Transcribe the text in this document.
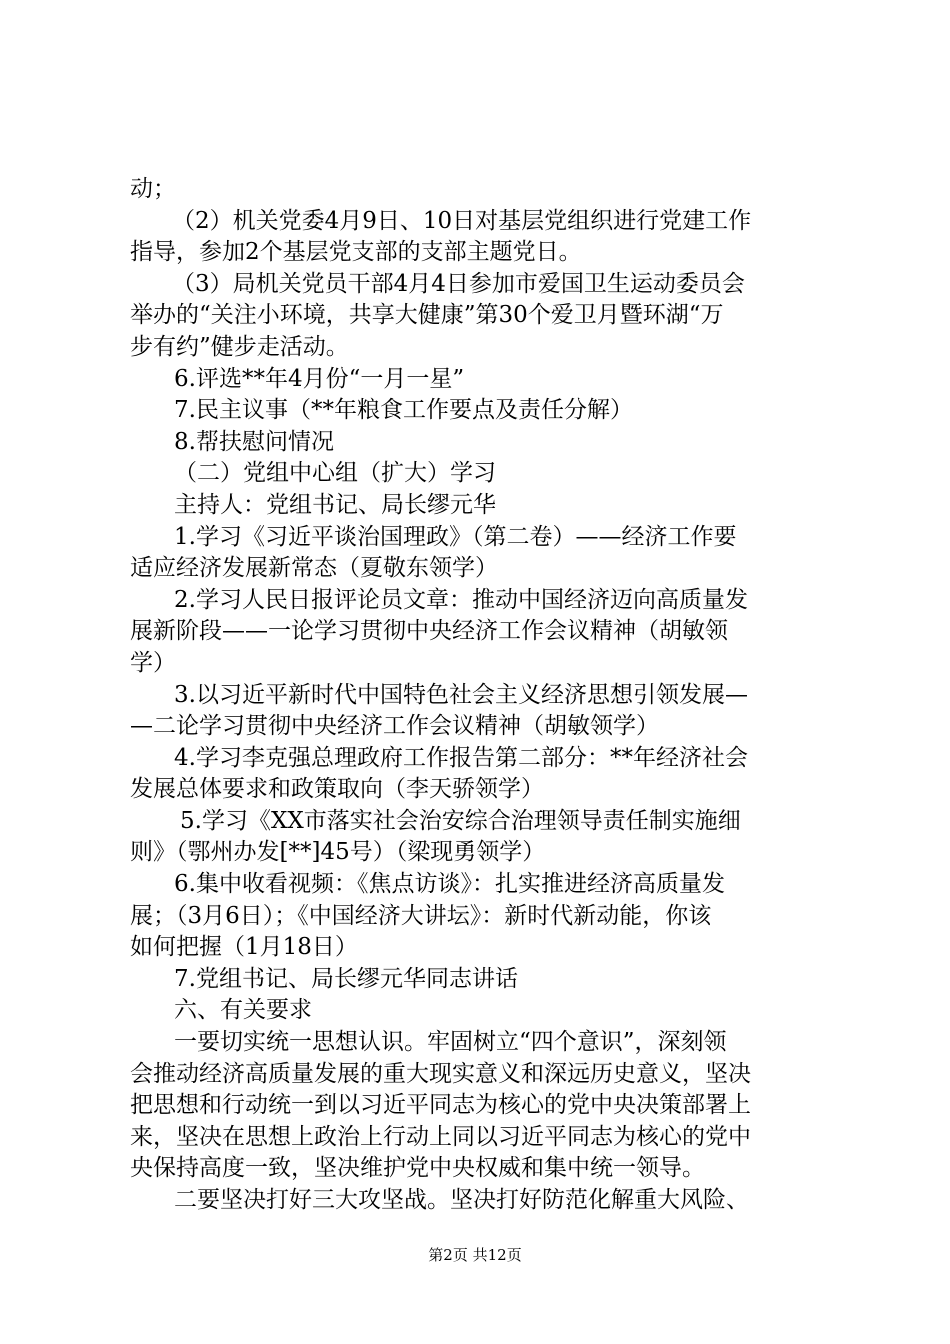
动；
（2）机关党委4月9日、10日对基层党组织进行党建工作
指导，参加2个基层党支部的支部主题党日。
（3）局机关党员干部4月4日参加市爱国卫生运动委员会
举办的“关注小环境，共享大健康”第30个爱卫月暨环湖“万
步有约”健步走活动。
6.评选**年4月份“一月一星”
7.民主议事（**年粮食工作要点及责任分解）
8.帮扶慰问情况
（二）党组中心组（扩大）学习
主持人：党组书记、局长缪元华
1.学习《习近平谈治国理政》（第二卷）——经济工作要
适应经济发展新常态（夏敬东领学）
2.学习人民日报评论员文章：推动中国经济迈向高质量发
展新阶段——一论学习贯彻中央经济工作会议精神（胡敏领
学）
3.以习近平新时代中国特色社会主义经济思想引领发展—
—二论学习贯彻中央经济工作会议精神（胡敏领学）
4.学习李克强总理政府工作报告第二部分：**年经济社会
发展总体要求和政策取向（李天骄领学）
5.学习《XX市落实社会治安综合治理领导责任制实施细
则》（鄂州办发[**]45号）（梁现勇领学）
6.集中收看视频：《焦点访谈》：扎实推进经济高质量发
展；（3月6日）；《中国经济大讲坛》：新时代新动能，你该
如何把握（1月18日）
7.党组书记、局长缪元华同志讲话
六、有关要求
一要切实统一思想认识。牢固树立“四个意识”，深刻领
会推动经济高质量发展的重大现实意义和深远历史意义，坚决
把思想和行动统一到以习近平同志为核心的党中央决策部署上
来，坚决在思想上政治上行动上同以习近平同志为核心的党中
央保持高度一致，坚决维护党中央权威和集中统一领导。
二要坚决打好三大攻坚战。坚决打好防范化解重大风险、
第2页 共12页
